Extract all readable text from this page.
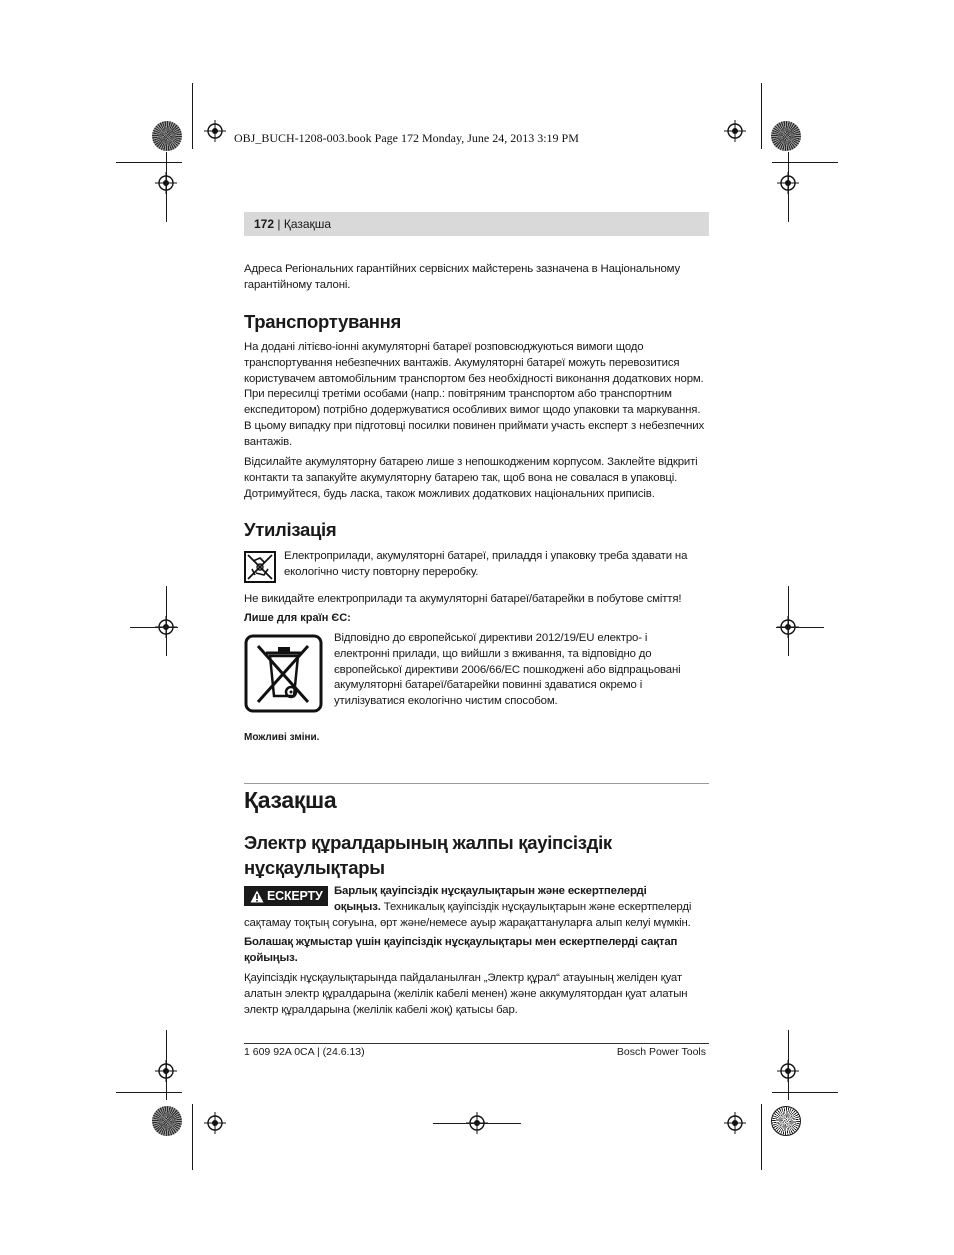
OBJ_BUCH-1208-003.book Page 172 Monday, June 24, 2013 3:19 PM
172 | Қазақша
Адреса Регіональних гарантійних сервісних майстерень зазначена в Національному
гарантійному талоні.
Транспортування
На додані літієво-іонні акумуляторні батареї розповсюджуються вимоги щодо
транспортування небезпечних вантажів. Акумуляторні батареї можуть перевозитися
користувачем автомобільним транспортом без необхідності виконання додаткових норм.
При пересилці третіми особами (напр.: повітряним транспортом або транспортним
експедитором) потрібно додержуватися особливих вимог щодо упаковки та маркування.
В цьому випадку при підготовці посилки повинен приймати участь експерт з небезпечних
вантажів.
Відсилайте акумуляторну батарею лише з непошкодженим корпусом. Заклейте відкриті
контакти та запакуйте акумуляторну батарею так, щоб вона не совалася в упаковці.
Дотримуйтеся, будь ласка, також можливих додаткових національних приписів.
Утилізація
Електроприлади, акумуляторні батареї, приладдя і упаковку треба здавати на
екологічно чисту повторну переробку.
Не викидайте електроприлади та акумуляторні батареї/батарейки в побутове сміття!
Лише для країн ЄС:
Відповідно до європейської директиви 2012/19/EU електро- і
електронні прилади, що вийшли з вживання, та відповідно до
європейської директиви 2006/66/EC пошкоджені або відпрацьовані
акумуляторні батареї/батарейки повинні здаватися окремо і
утилізуватися екологічно чистим способом.
Можливі зміни.
Қазақша
Электр құралдарының жалпы қауіпсіздік
нұсқаулықтары
ЕСКЕРТУ Барлық қауіпсіздік нұсқаулықтарын және ескертпелерді
оқыңыз. Техникалық қауіпсіздік нұсқаулықтарын және ескертпелерді
сақтамау тоқтың соғуына, өрт және/немесе ауыр жарақаттануларға алып келуі мүмкін.
Болашақ жұмыстар үшін қауіпсіздік нұсқаулықтары мен ескертпелерді сақтап
қойыңыз.
Қауіпсіздік нұсқаулықтарында пайдаланылған „Электр құрал“ атауының желіден қуат
алатын электр құралдарына (желілік кабелі менен) және аккумулятордан қуат алатын
электр құралдарына (желілік кабелі жоқ) қатысы бар.
1 609 92A 0CA | (24.6.13)	Bosch Power Tools
